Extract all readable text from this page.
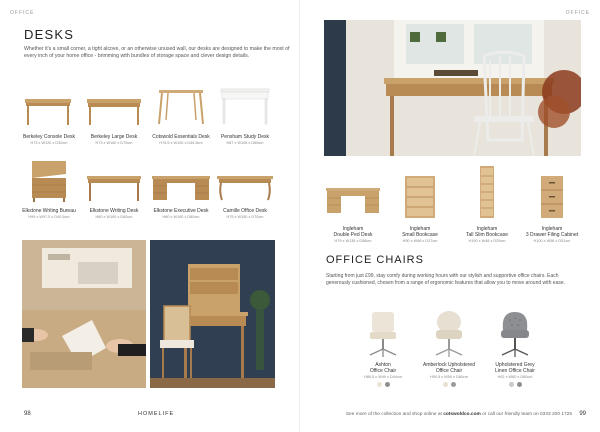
OFFICE	OFFICE
DESKS
Whether it's a small corner, a tight alcove, or an otherwise unused wall, our desks are designed to make the most of every inch of your home office - brimming with bundles of storage space and clever design details.
Berkeley Console Desk
H73 x W120 x D30cm
Berkeley Large Desk
H73 x W160 x D70cm
Cotswold Essentials Desk
H76.5 x W100 x D45.5cm
Pensham Study Desk
H87 x W105 x D65cm
Elkstone Writing Bureau
H99 x W97.5 x D40.5cm
Elkstone Writing Desk
H80 x W160 x D60cm
Elkstone Executive Desk
H80 x W160 x D80cm
Camille Office Desk
H75 x W150 x D70cm
98	HOMELIFE
Ingleham
Double Ped Desk
H79 x W135 x D58cm
Ingleham
Small Bookcase
H90 x W68 x D37cm
Ingleham
Tall Slim Bookcase
H190 x W48 x D29cm
Ingleham
3 Drawer Filing Cabinet
H100 x W58 x D51cm
OFFICE CHAIRS
Starting from just £99, stay comfy during working hours with our stylish and supportive office chairs. Each generously cushioned, chosen from a range of ergonomic features that allow you to move around with ease.
Ashton
Office Chair
H86.5 x W49 x D44cm
Amberlock Upholstered
Office Chair
H90.5 x W59 x D60cm
Upholstered Grey
Linen Office Chair
H92 x W60 x D60cm
See more of the collection and shop online at cotswoldco.com or call our friendly team on 0333 200 1725 99
